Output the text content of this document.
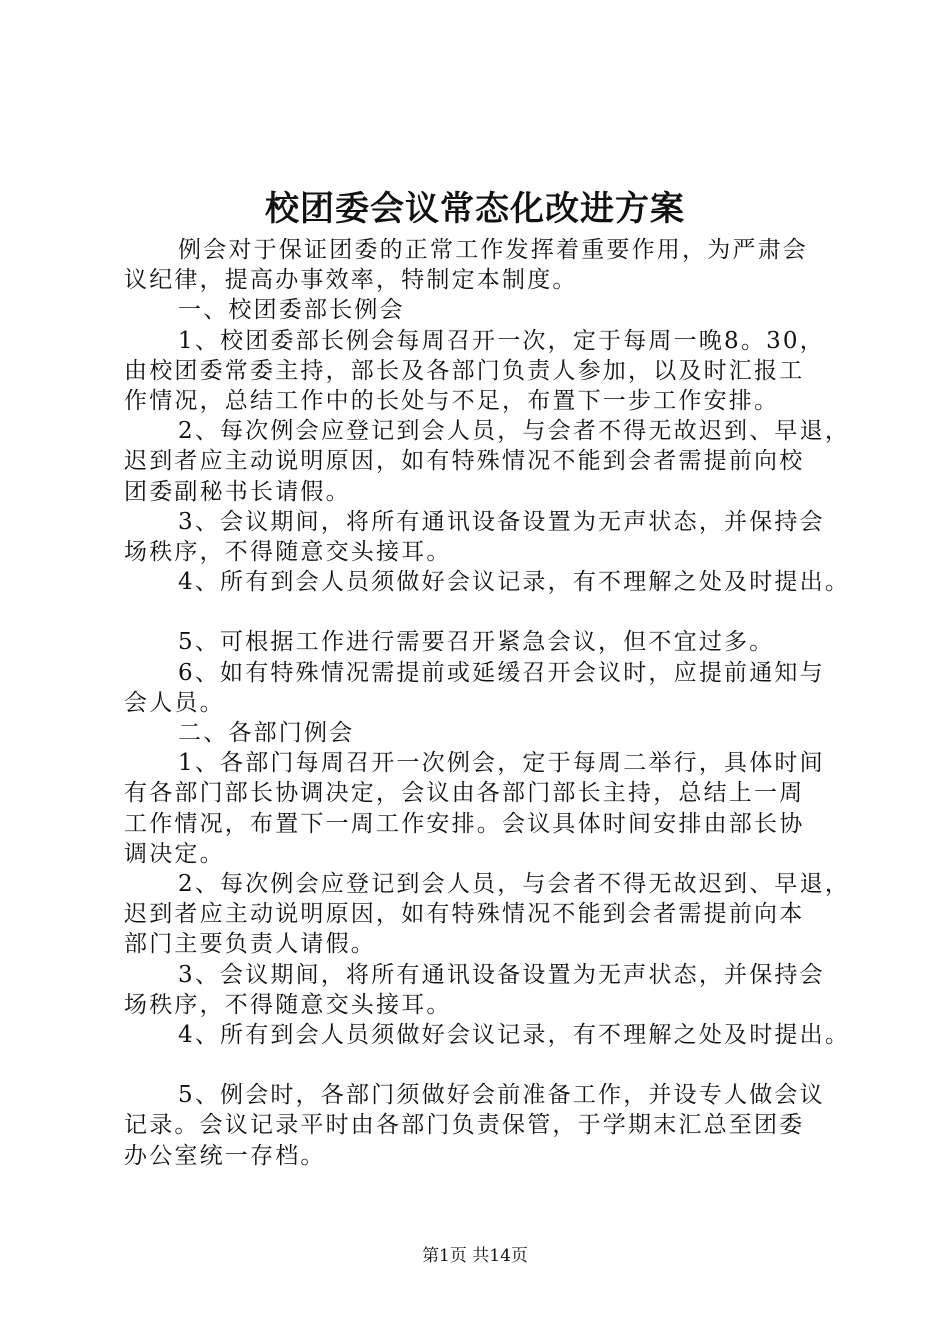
校团委会议常态化改进方案
例会对于保证团委的正常工作发挥着重要作用，为严肃会
议纪律，提高办事效率，特制定本制度。
一、校团委部长例会
1、校团委部长例会每周召开一次，定于每周一晚8。30，
由校团委常委主持，部长及各部门负责人参加，以及时汇报工
作情况，总结工作中的长处与不足，布置下一步工作安排。
2、每次例会应登记到会人员，与会者不得无故迟到、早退，
迟到者应主动说明原因，如有特殊情况不能到会者需提前向校
团委副秘书长请假。
3、会议期间，将所有通讯设备设置为无声状态，并保持会
场秩序，不得随意交头接耳。
4、所有到会人员须做好会议记录，有不理解之处及时提出。
5、可根据工作进行需要召开紧急会议，但不宜过多。
6、如有特殊情况需提前或延缓召开会议时，应提前通知与
会人员。
二、各部门例会
1、各部门每周召开一次例会，定于每周二举行，具体时间
有各部门部长协调决定，会议由各部门部长主持，总结上一周
工作情况，布置下一周工作安排。会议具体时间安排由部长协
调决定。
2、每次例会应登记到会人员，与会者不得无故迟到、早退，
迟到者应主动说明原因，如有特殊情况不能到会者需提前向本
部门主要负责人请假。
3、会议期间，将所有通讯设备设置为无声状态，并保持会
场秩序，不得随意交头接耳。
4、所有到会人员须做好会议记录，有不理解之处及时提出。
5、例会时，各部门须做好会前准备工作，并设专人做会议
记录。会议记录平时由各部门负责保管，于学期末汇总至团委
办公室统一存档。
第1页 共14页
